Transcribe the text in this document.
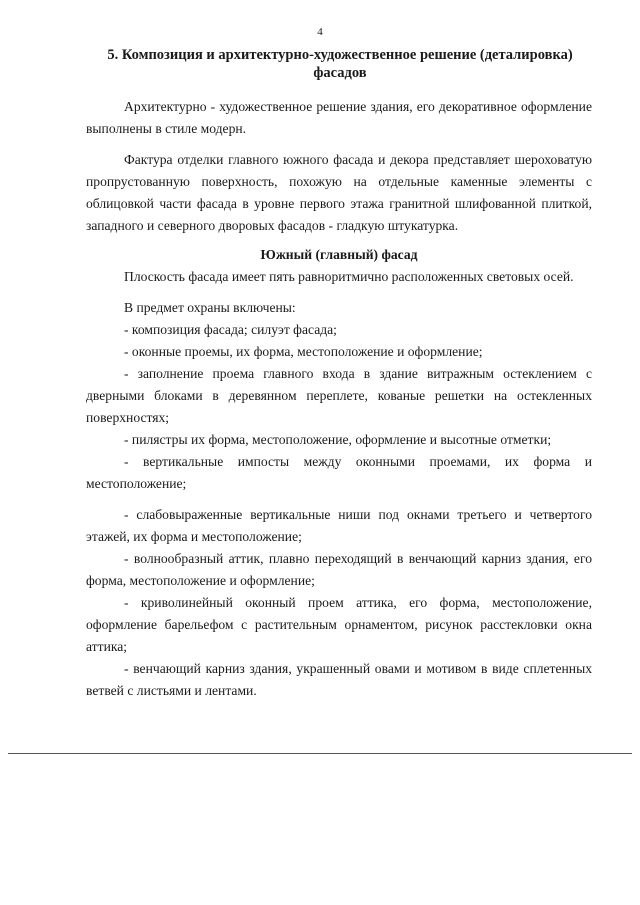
4
5. Композиция и архитектурно-художественное решение (деталировка) фасадов

Архитектурно - художественное решение здания, его декоративное оформление выполнены в стиле модерн.

Фактура отделки главного южного фасада и декора представляет шероховатую пропрустованную поверхность, похожую на отдельные каменные элементы с облицовкой части фасада в уровне первого этажа гранитной шлифованной плиткой, западного и северного дворовых фасадов - гладкую штукатурка.

Южный (главный) фасад

Плоскость фасада имеет пять равноритмично расположенных световых осей.

В предмет охраны включены:

- композиция фасада; силуэт фасада;

- оконные проемы, их форма, местоположение и оформление;

- заполнение проема главного входа в здание витражным остеклением с дверными блоками в деревянном переплете, кованые решетки на остекленных поверхностях;

- пилястры их форма, местоположение, оформление и высотные отметки;

- вертикальные импосты между оконными проемами, их форма и местоположение;

- слабовыраженные вертикальные ниши под окнами третьего и четвертого этажей, их форма и местоположение;

- волнообразный аттик, плавно переходящий в венчающий карниз здания, его форма, местоположение и оформление;

- криволинейный оконный проем аттика, его форма, местоположение, оформление барельефом с растительным орнаментом, рисунок расстекловки окна аттика;

- венчающий карниз здания, украшенный овами и мотивом в виде сплетенных ветвей с листьями и лентами.
